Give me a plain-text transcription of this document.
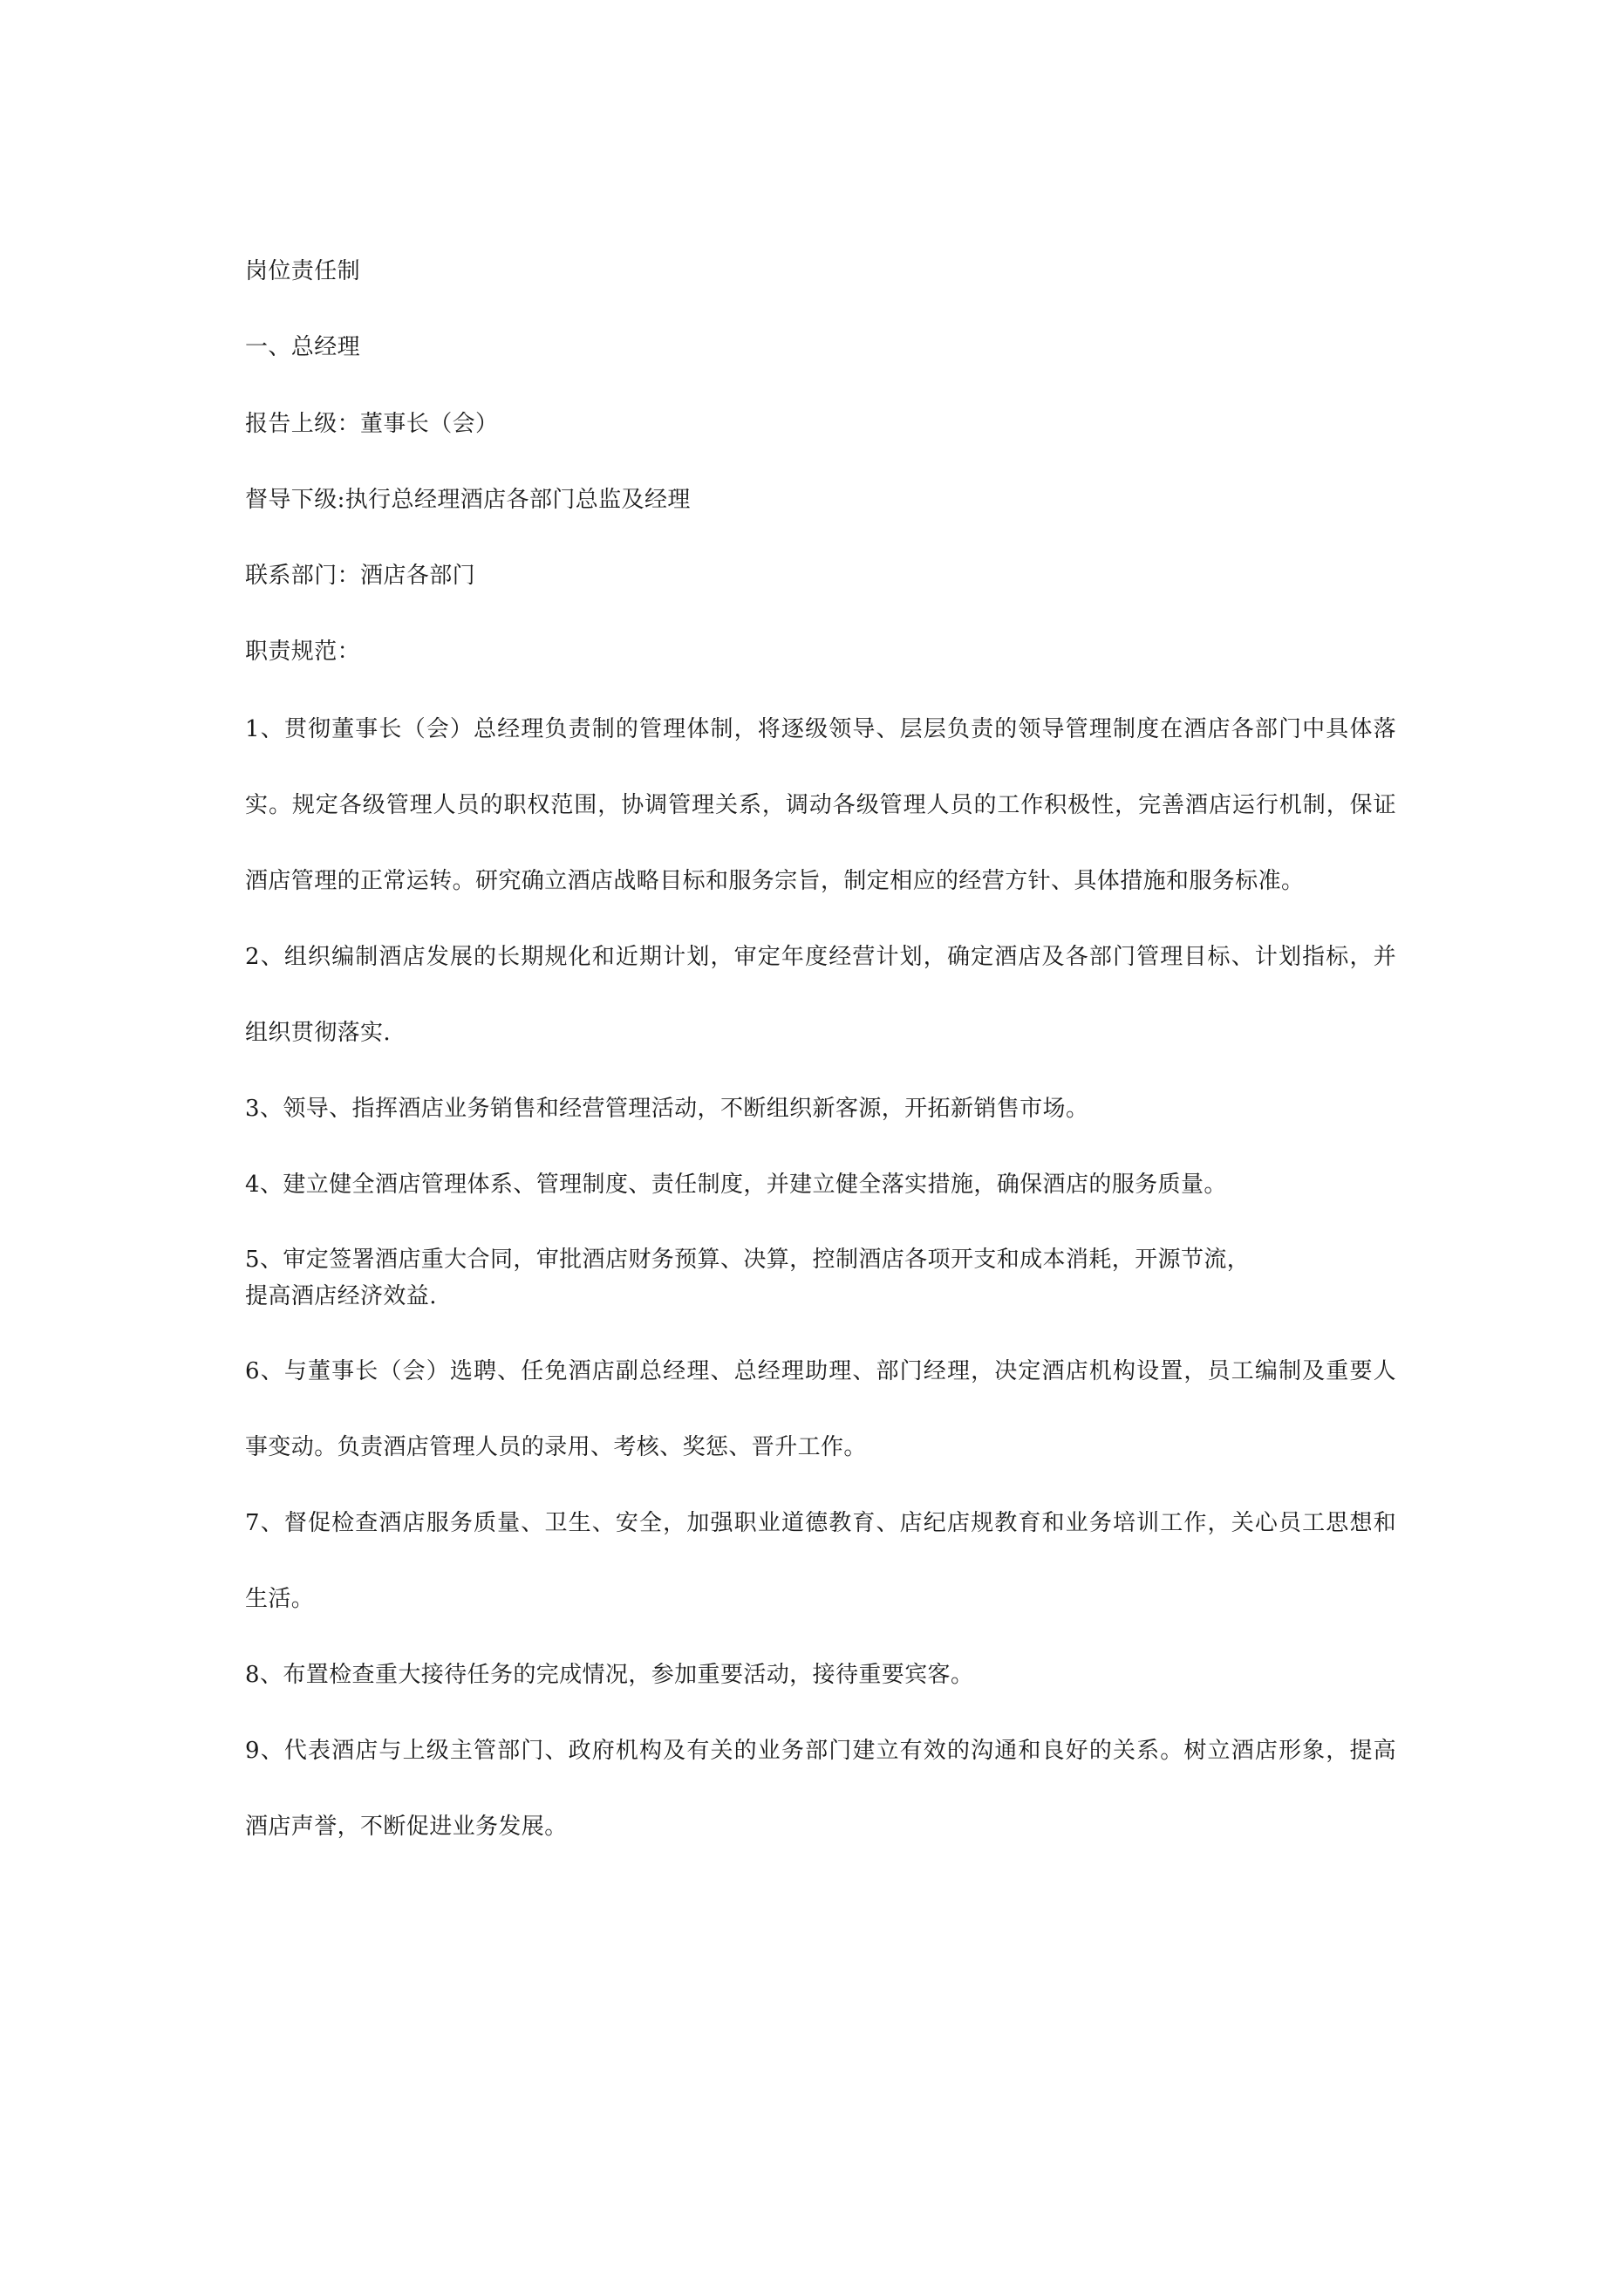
岗位责任制
一、总经理
报告上级：董事长（会）
督导下级:执行总经理酒店各部门总监及经理
联系部门：酒店各部门
职责规范：
1、贯彻董事长（会）总经理负责制的管理体制，将逐级领导、层层负责的领导管理制度在酒店各部门中具体落
实。规定各级管理人员的职权范围，协调管理关系，调动各级管理人员的工作积极性，完善酒店运行机制，保证
酒店管理的正常运转。研究确立酒店战略目标和服务宗旨，制定相应的经营方针、具体措施和服务标准。
2、组织编制酒店发展的长期规化和近期计划，审定年度经营计划，确定酒店及各部门管理目标、计划指标，并
组织贯彻落实.
3、领导、指挥酒店业务销售和经营管理活动，不断组织新客源，开拓新销售市场。
4、建立健全酒店管理体系、管理制度、责任制度，并建立健全落实措施，确保酒店的服务质量。
5、审定签署酒店重大合同，审批酒店财务预算、决算，控制酒店各项开支和成本消耗，开源节流，
提高酒店经济效益.
6、与董事长（会）选聘、任免酒店副总经理、总经理助理、部门经理，决定酒店机构设置，员工编制及重要人
事变动。负责酒店管理人员的录用、考核、奖惩、晋升工作。
7、督促检查酒店服务质量、卫生、安全，加强职业道德教育、店纪店规教育和业务培训工作，关心员工思想和
生活。
8、布置检查重大接待任务的完成情况，参加重要活动，接待重要宾客。
9、代表酒店与上级主管部门、政府机构及有关的业务部门建立有效的沟通和良好的关系。树立酒店形象，提高
酒店声誉，不断促进业务发展。
